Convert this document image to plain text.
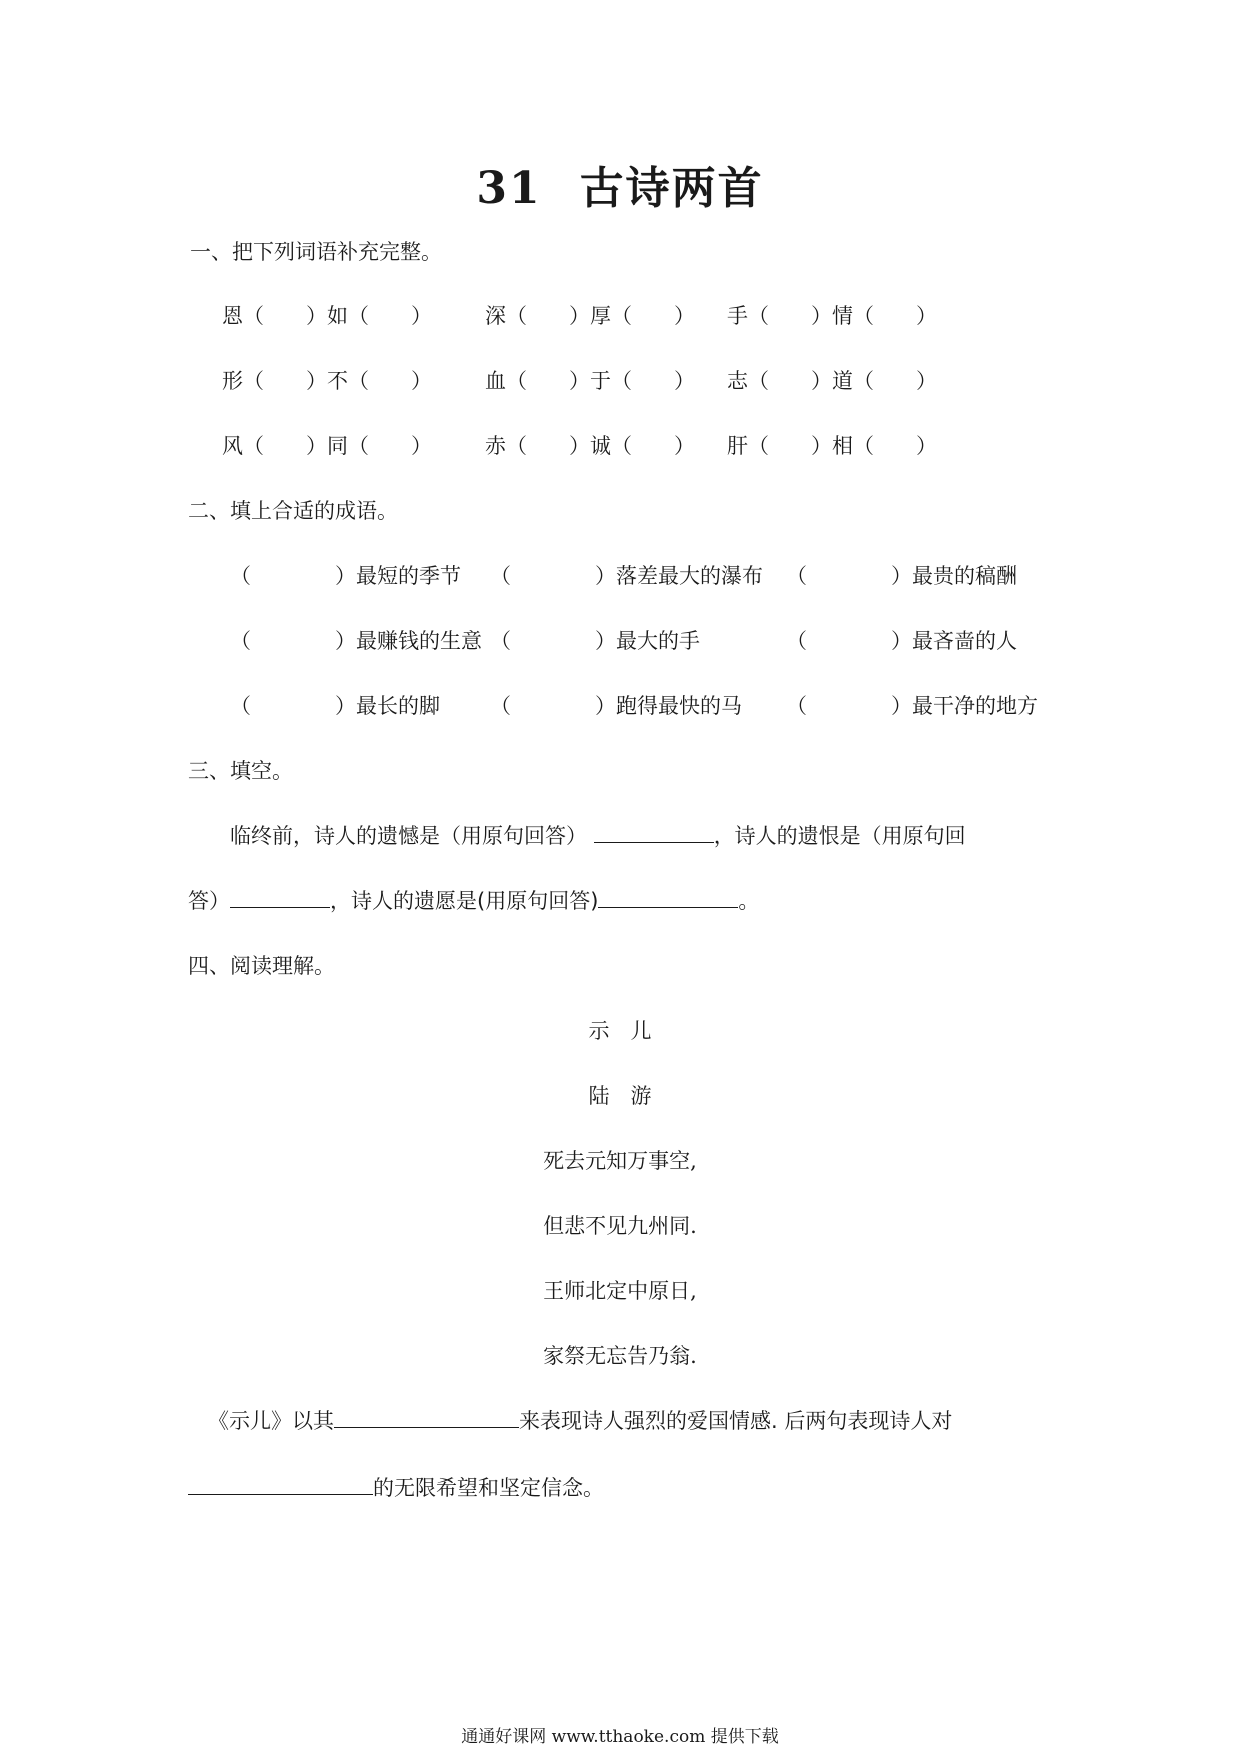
31 古诗两首
一、把下列词语补充完整。
恩（　　）如（　　）	深（　　）厚（　　） 手（　　）情（　　）
形（　　）不（　　）	血（　　）于（　　） 志（　　）道（　　）
风（　　）同（　　）	赤（　　）诚（　　） 肝（　　）相（　　）
二、填上合适的成语。
（　　　　）最短的季节 （　　　　）落差最大的瀑布 （　　　　）最贵的稿酬
（　　　　）最赚钱的生意 （　　　　）最大的手	（　　　　）最吝啬的人
（　　　　）最长的脚 （　　　　）跑得最快的马 （　　　　）最干净的地方
三、填空。
临终前，诗人的遗憾是（用原句回答）	，诗人的遗恨是（用原句回
答）	，诗人的遗愿是(用原句回答)	。
四、阅读理解。
示　儿
陆　游
死去元知万事空,
但悲不见九州同.
王师北定中原日,
家祭无忘告乃翁.
《示儿》以其	来表现诗人强烈的爱国情感. 后两句表现诗人对
的无限希望和坚定信念。
通通好课网 www.tthaoke.com 提供下载
